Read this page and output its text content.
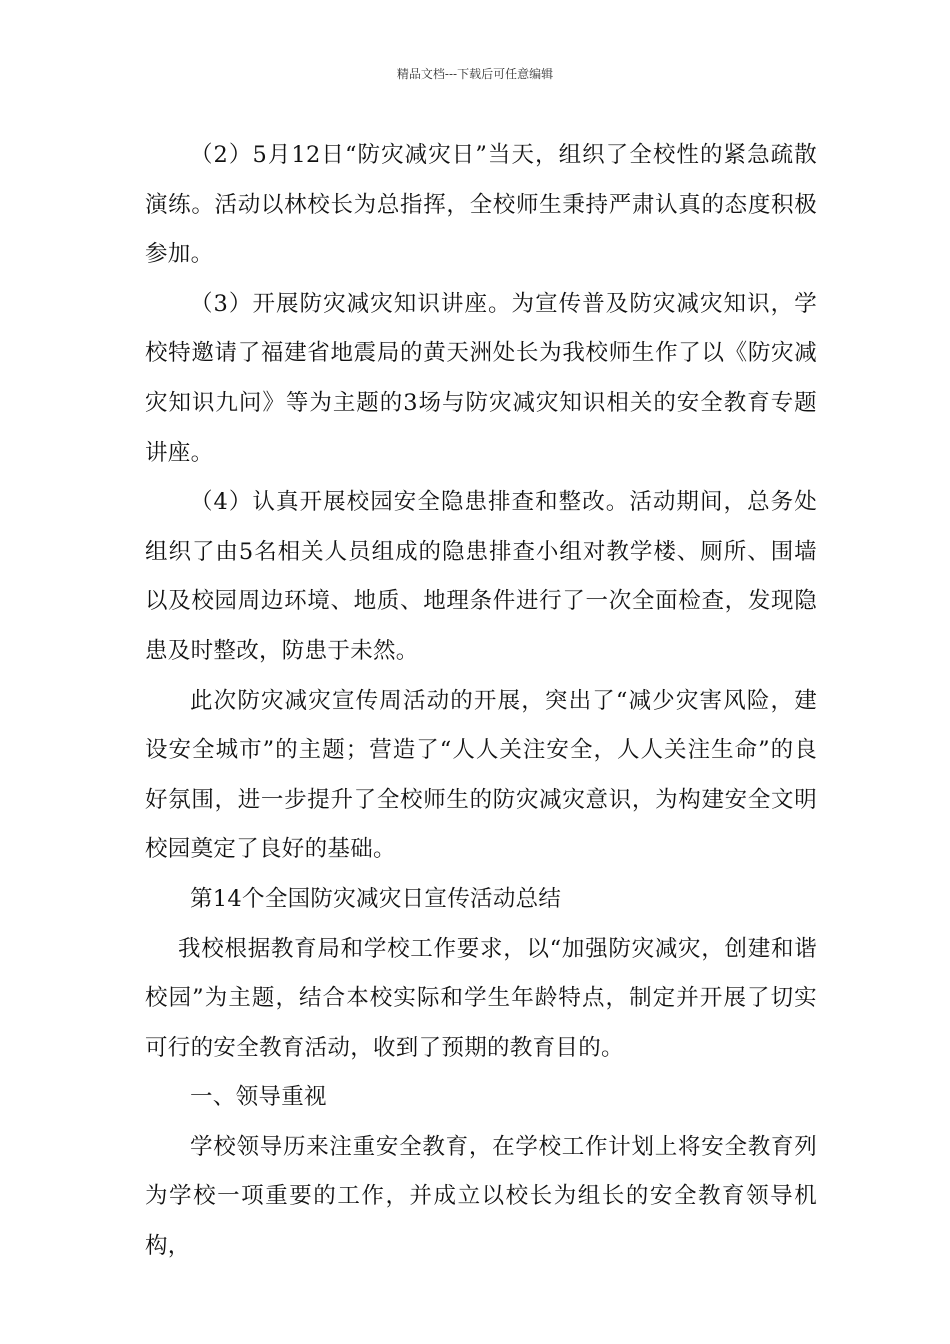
精品文档---下载后可任意编辑

（2）5月12日“防灾减灾日”当天，组织了全校性的紧急疏散演练。活动以林校长为总指挥，全校师生秉持严肃认真的态度积极参加。

（3）开展防灾减灾知识讲座。为宣传普及防灾减灾知识，学校特邀请了福建省地震局的黄天洲处长为我校师生作了以《防灾减灾知识九问》等为主题的3场与防灾减灾知识相关的安全教育专题讲座。

（4）认真开展校园安全隐患排查和整改。活动期间，总务处组织了由5名相关人员组成的隐患排查小组对教学楼、厕所、围墙以及校园周边环境、地质、地理条件进行了一次全面检查，发现隐患及时整改，防患于未然。

此次防灾减灾宣传周活动的开展，突出了“减少灾害风险，建设安全城市”的主题；营造了“人人关注安全，人人关注生命”的良好氛围，进一步提升了全校师生的防灾减灾意识，为构建安全文明校园奠定了良好的基础。

第14个全国防灾减灾日宣传活动总结

我校根据教育局和学校工作要求，以“加强防灾减灾，创建和谐校园”为主题，结合本校实际和学生年龄特点，制定并开展了切实可行的安全教育活动，收到了预期的教育目的。

一、领导重视

学校领导历来注重安全教育，在学校工作计划上将安全教育列为学校一项重要的工作，并成立以校长为组长的安全教育领导机构，
